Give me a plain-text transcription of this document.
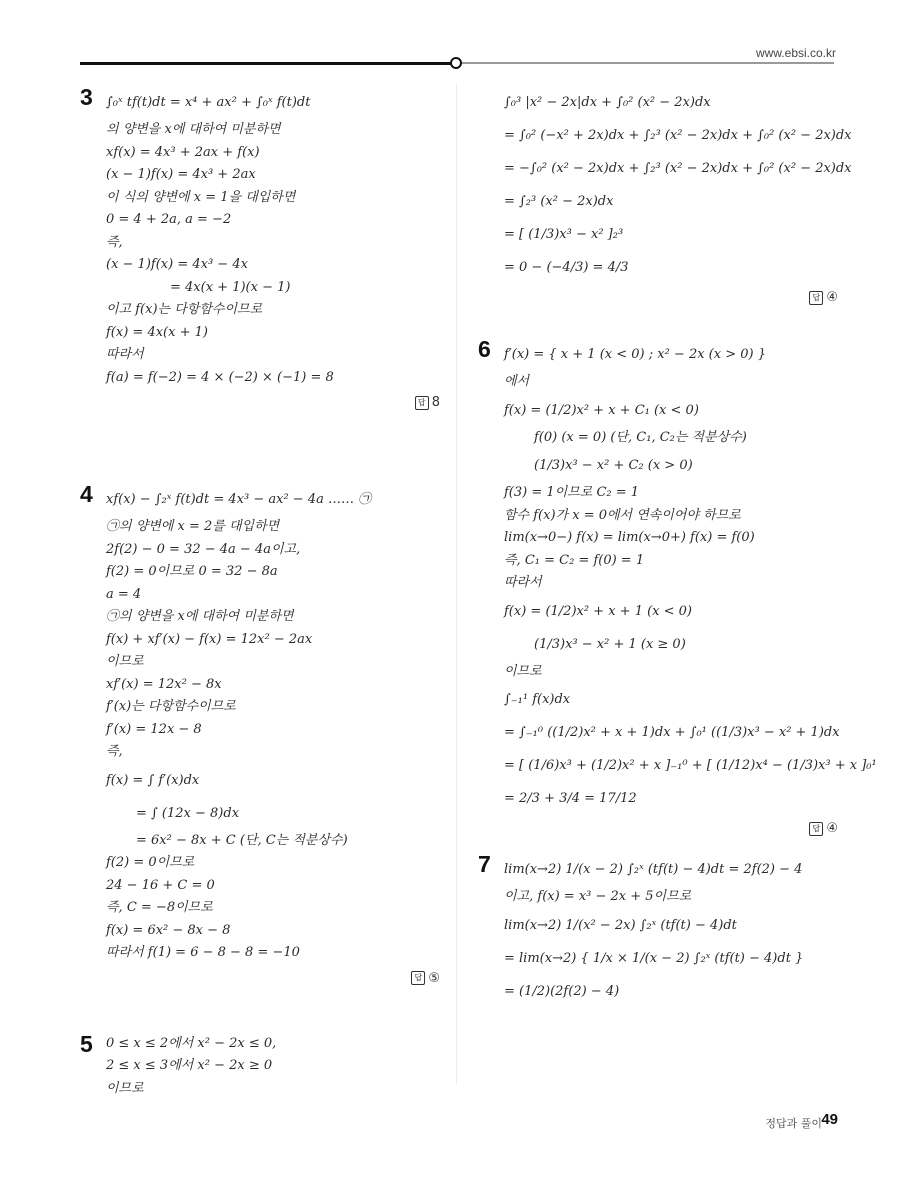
www.ebsi.co.kr
3 ∫₀ˣ tf(t)dt = x⁴ + ax² + ∫₀ˣ f(t)dt
의 양변을 x에 대하여 미분하면
xf(x) = 4x³ + 2ax + f(x)
(x − 1)f(x) = 4x³ + 2ax
이 식의 양변에 x = 1을 대입하면
0 = 4 + 2a, a = −2
즉,
(x − 1)f(x) = 4x³ − 4x
= 4x(x + 1)(x − 1)
이고 f(x)는 다항함수이므로
f(x) = 4x(x + 1)
따라서
f(a) = f(−2) = 4 × (−2) × (−1) = 8
답 8
4 xf(x) − ∫₂ˣ f(t)dt = 4x³ − ax² − 4a …… ㉠
㉠의 양변에 x = 2를 대입하면
2f(2) − 0 = 32 − 4a − 4a이고,
f(2) = 0이므로 0 = 32 − 8a
a = 4
㉠의 양변을 x에 대하여 미분하면
f(x) + xf′(x) − f(x) = 12x² − 2ax
이므로
xf′(x) = 12x² − 8x
f′(x)는 다항함수이므로
f′(x) = 12x − 8
즉,
f(x) = ∫ f′(x)dx
= ∫ (12x − 8)dx
= 6x² − 8x + C (단, C는 적분상수)
f(2) = 0이므로
24 − 16 + C = 0
즉, C = −8이므로
f(x) = 6x² − 8x − 8
따라서 f(1) = 6 − 8 − 8 = −10
답 ⑤
5 0 ≤ x ≤ 2에서 x² − 2x ≤ 0,
2 ≤ x ≤ 3에서 x² − 2x ≥ 0
이므로
∫₀³ |x² − 2x|dx + ∫₀² (x² − 2x)dx
= ∫₀² (−x² + 2x)dx + ∫₂³ (x² − 2x)dx + ∫₀² (x² − 2x)dx
= −∫₀² (x² − 2x)dx + ∫₂³ (x² − 2x)dx + ∫₀² (x² − 2x)dx
= ∫₂³ (x² − 2x)dx
= [ (1/3)x³ − x² ]₂³
= 0 − (−4/3) = 4/3
답 ④
6 f′(x) = { x + 1 (x < 0) ; x² − 2x (x > 0) }
에서
f(x) = (1/2)x² + x + C₁ (x < 0)
f(0) (x = 0) (단, C₁, C₂는 적분상수)
(1/3)x³ − x² + C₂ (x > 0)
f(3) = 1이므로 C₂ = 1
함수 f(x)가 x = 0에서 연속이어야 하므로
lim(x→0−) f(x) = lim(x→0+) f(x) = f(0)
즉, C₁ = C₂ = f(0) = 1
따라서
f(x) = (1/2)x² + x + 1 (x < 0)
(1/3)x³ − x² + 1 (x ≥ 0)
이므로
∫₋₁¹ f(x)dx
= ∫₋₁⁰ ((1/2)x² + x + 1)dx + ∫₀¹ ((1/3)x³ − x² + 1)dx
= [ (1/6)x³ + (1/2)x² + x ]₋₁⁰ + [ (1/12)x⁴ − (1/3)x³ + x ]₀¹
= 2/3 + 3/4 = 17/12
답 ④
7 lim(x→2) 1/(x − 2) ∫₂ˣ (tf(t) − 4)dt = 2f(2) − 4
이고, f(x) = x³ − 2x + 5이므로
lim(x→2) 1/(x² − 2x) ∫₂ˣ (tf(t) − 4)dt
= lim(x→2) { 1/x × 1/(x − 2) ∫₂ˣ (tf(t) − 4)dt }
= (1/2)(2f(2) − 4)
정답과 풀이 49
